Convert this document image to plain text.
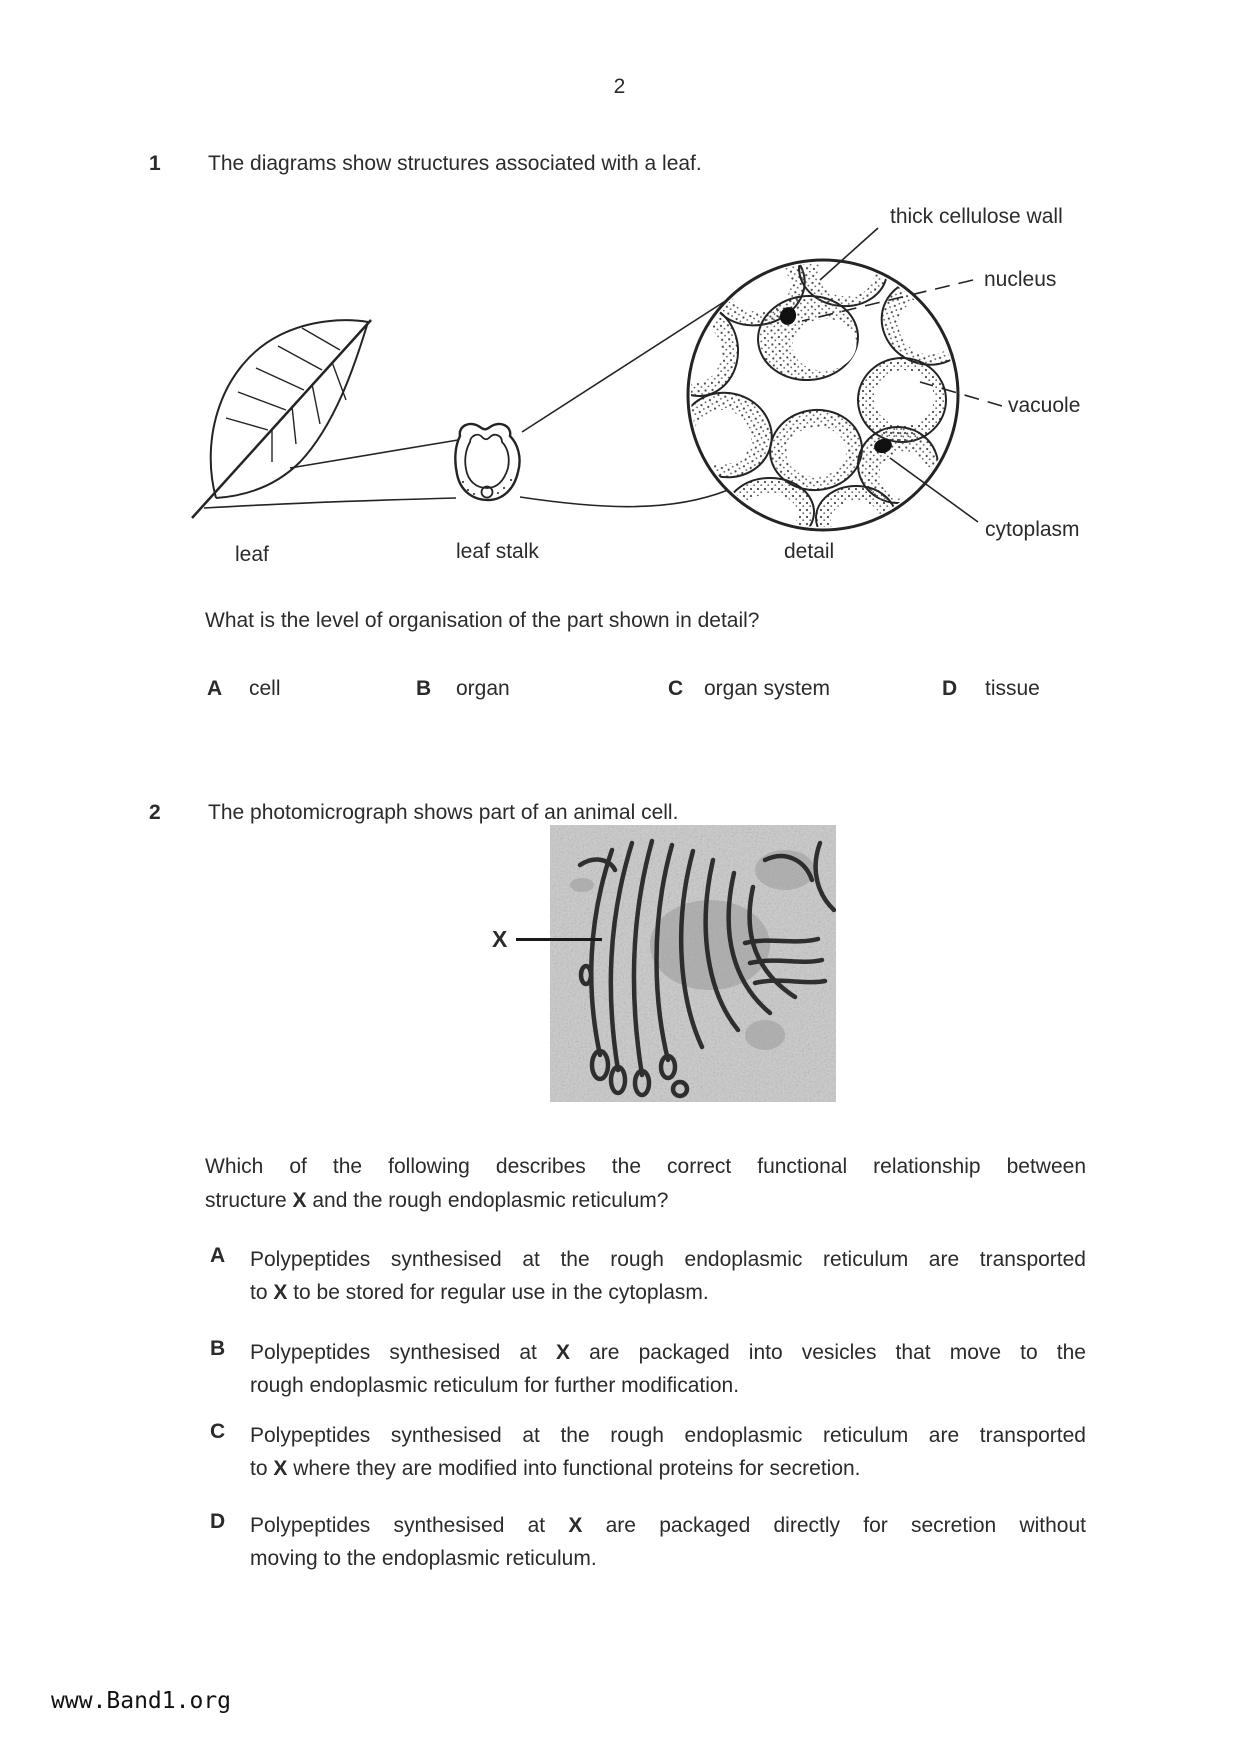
2
1 The diagrams show structures associated with a leaf.
thick cellulose wall
nucleus
vacuole
cytoplasm
leaf	leaf stalk	detail
What is the level of organisation of the part shown in detail?
A cell	B organ	C organ system	D tissue
2 The photomicrograph shows part of an animal cell.
X
Which of the following describes the correct functional relationship between
structure X and the rough endoplasmic reticulum?
A Polypeptides synthesised at the rough endoplasmic reticulum are transported
to X to be stored for regular use in the cytoplasm.
B Polypeptides synthesised at X are packaged into vesicles that move to the
rough endoplasmic reticulum for further modification.
C Polypeptides synthesised at the rough endoplasmic reticulum are transported
to X where they are modified into functional proteins for secretion.
D Polypeptides synthesised at X are packaged directly for secretion without
moving to the endoplasmic reticulum.
www.Band1.org
